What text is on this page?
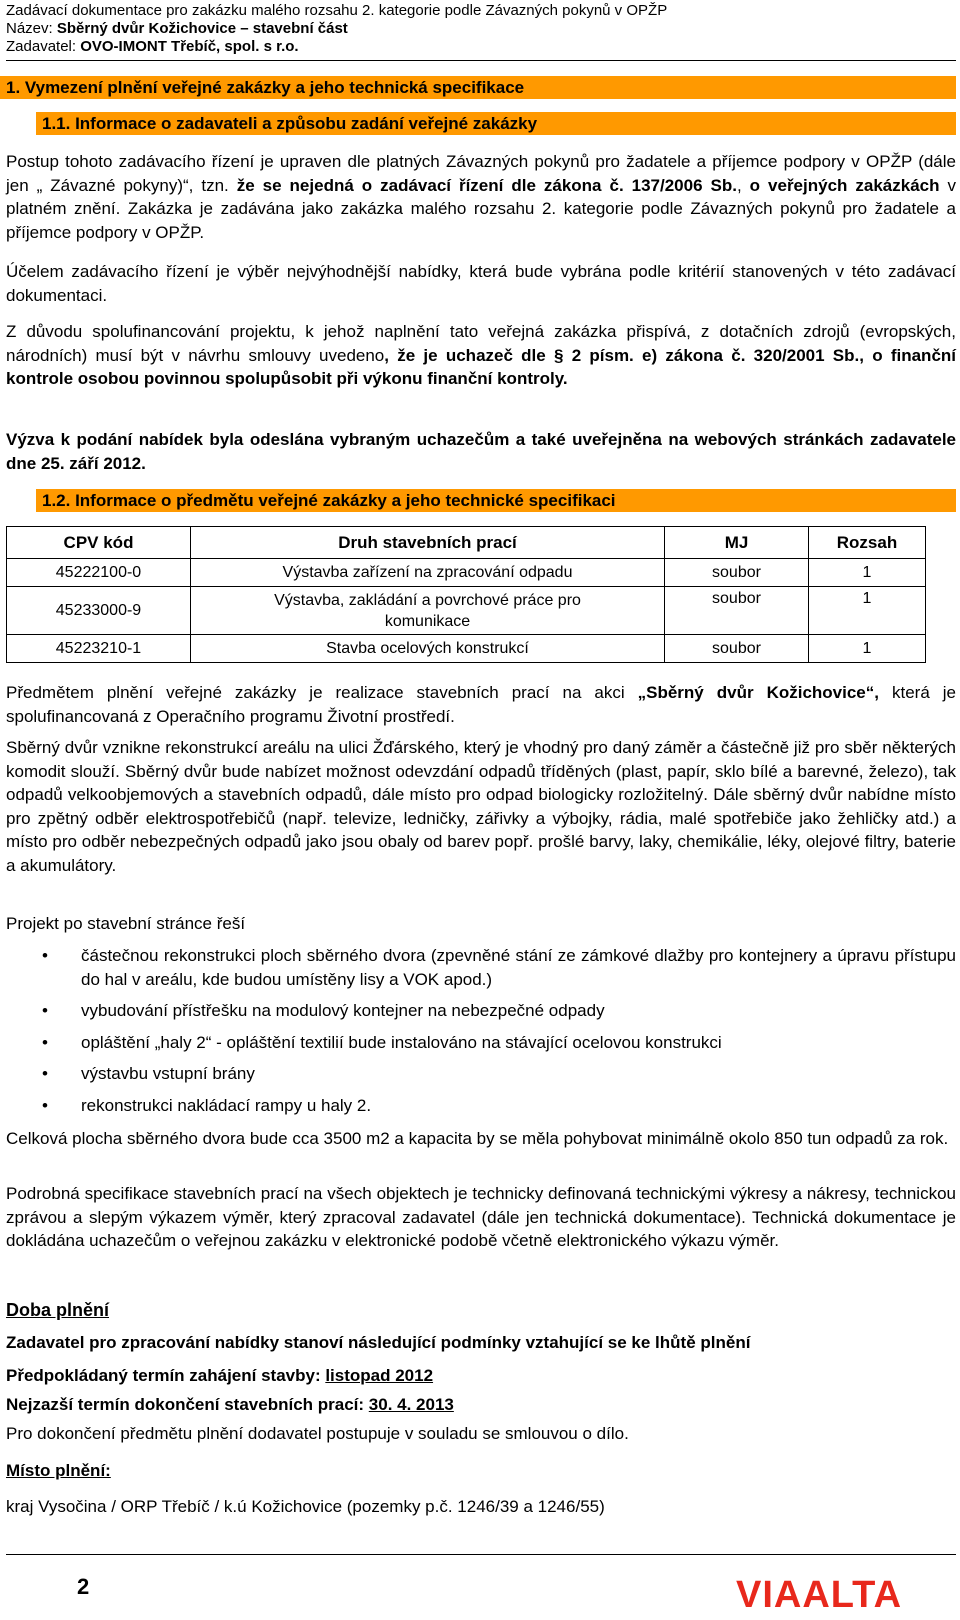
Zadávací dokumentace pro zakázku malého rozsahu 2. kategorie podle Závazných pokynů v OPŽP
Název: Sběrný dvůr Kožichovice – stavební část
Zadavatel: OVO-IMONT Třebíč, spol. s r.o.
1. Vymezení plnění veřejné zakázky a jeho technická specifikace
1.1. Informace o zadavateli a způsobu zadání veřejné zakázky
Postup tohoto zadávacího řízení je upraven dle platných Závazných pokynů pro žadatele a příjemce podpory v OPŽP (dále jen „ Závazné pokyny)“, tzn. že se nejedná o zadávací řízení dle zákona č. 137/2006 Sb., o veřejných zakázkách v platném znění. Zakázka je zadávána jako zakázka malého rozsahu 2. kategorie podle Závazných pokynů pro žadatele a příjemce podpory v OPŽP.
Účelem zadávacího řízení je výběr nejvýhodnější nabídky, která bude vybrána podle kritérií stanovených v této zadávací dokumentaci.
Z důvodu spolufinancování projektu, k jehož naplnění tato veřejná zakázka přispívá, z dotačních zdrojů (evropských, národních) musí být v návrhu smlouvy uvedeno, že je uchazeč dle § 2 písm. e) zákona č. 320/2001 Sb., o finanční kontrole osobou povinnou spolupůsobit při výkonu finanční kontroly.
Výzva k podání nabídek byla odeslána vybraným uchazečům a také uveřejněna na webových stránkách zadavatele dne 25. září 2012.
1.2. Informace o předmětu veřejné zakázky a jeho technické specifikaci
CPV kód	Druh stavebních prací	MJ	Rozsah
45222100-0	Výstavba zařízení na zpracování odpadu	soubor	1
45233000-9	Výstavba, zakládání a povrchové práce pro komunikace	soubor	1
45223210-1	Stavba ocelových konstrukcí	soubor	1
Předmětem plnění veřejné zakázky je realizace stavebních prací na akci „Sběrný dvůr Kožichovice“, která je spolufinancovaná z Operačního programu Životní prostředí.
Sběrný dvůr vznikne rekonstrukcí areálu na ulici Žďárského, který je vhodný pro daný záměr a částečně již pro sběr některých komodit slouží. Sběrný dvůr bude nabízet možnost odevzdání odpadů tříděných (plast, papír, sklo bílé a barevné, železo), tak odpadů velkoobjemových a stavebních odpadů, dále místo pro odpad biologicky rozložitelný. Dále sběrný dvůr nabídne místo pro zpětný odběr elektrospotřebičů (např. televize, ledničky, zářivky a výbojky, rádia, malé spotřebiče jako žehličky atd.) a místo pro odběr nebezpečných odpadů jako jsou obaly od barev popř. prošlé barvy, laky, chemikálie, léky, olejové filtry, baterie a akumulátory.
Projekt po stavební stránce řeší
• částečnou rekonstrukci ploch sběrného dvora (zpevněné stání ze zámkové dlažby pro kontejnery a úpravu přístupu do hal v areálu, kde budou umístěny lisy a VOK apod.)
• vybudování přístřešku na modulový kontejner na nebezpečné odpady
• opláštění „haly 2“ - opláštění textilií bude instalováno na stávající ocelovou konstrukci
• výstavbu vstupní brány
• rekonstrukci nakládací rampy u haly 2.
Celková plocha sběrného dvora bude cca 3500 m2 a kapacita by se měla pohybovat minimálně okolo 850 tun odpadů za rok.
Podrobná specifikace stavebních prací na všech objektech je technicky definovaná technickými výkresy a nákresy, technickou zprávou a slepým výkazem výměr, který zpracoval zadavatel (dále jen technická dokumentace). Technická dokumentace je dokládána uchazečům o veřejnou zakázku v elektronické podobě včetně elektronického výkazu výměr.
Doba plnění
Zadavatel pro zpracování nabídky stanoví následující podmínky vztahující se ke lhůtě plnění
Předpokládaný termín zahájení stavby: listopad 2012
Nejzazší termín dokončení stavebních prací: 30. 4. 2013
Pro dokončení předmětu plnění dodavatel postupuje v souladu se smlouvou o dílo.
Místo plnění:
kraj Vysočina / ORP Třebíč / k.ú Kožichovice (pozemky p.č. 1246/39 a 1246/55)
2	VIAALTA
